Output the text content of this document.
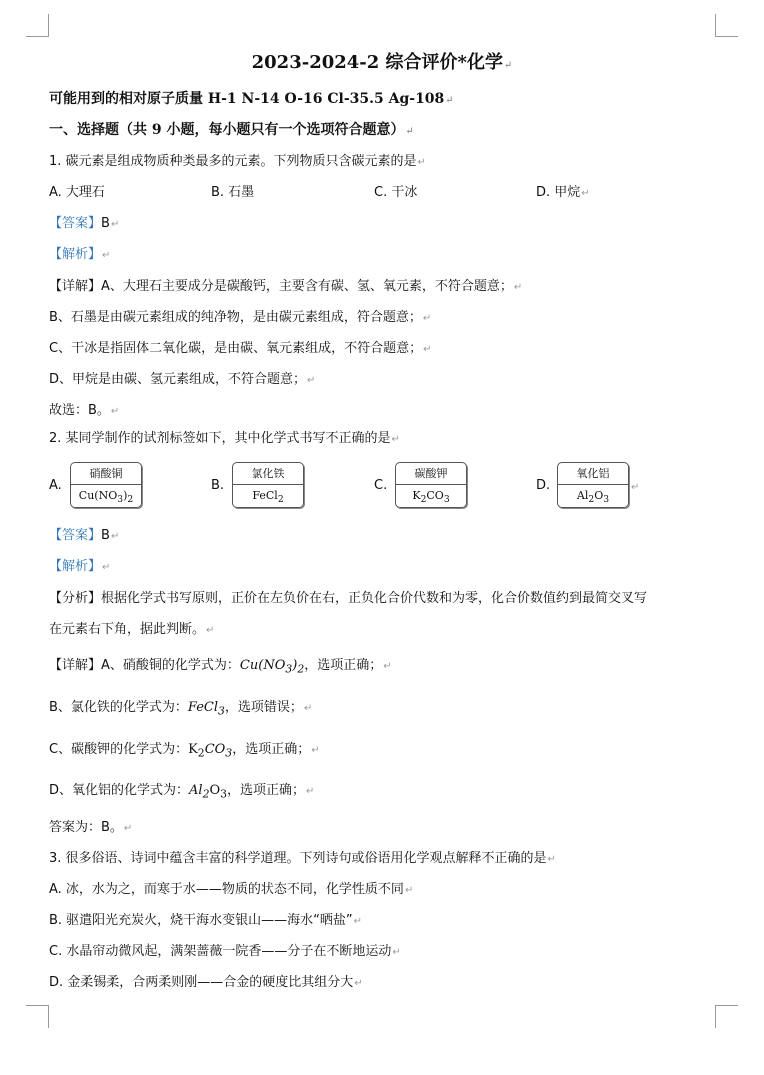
2023-2024-2 综合评价*化学↵
可能用到的相对原子质量 H-1 N-14 O-16 Cl-35.5 Ag-108↵
一、选择题（共 9 小题，每小题只有一个选项符合题意）↵
1. 碳元素是组成物质种类最多的元素。下列物质只含碳元素的是↵
A. 大理石	B. 石墨	C. 干冰	D. 甲烷↵
【答案】B↵
【解析】↵
【详解】A、大理石主要成分是碳酸钙，主要含有碳、氢、氧元素，不符合题意；↵
B、石墨是由碳元素组成的纯净物，是由碳元素组成，符合题意；↵
C、干冰是指固体二氧化碳，是由碳、氧元素组成，不符合题意；↵
D、甲烷是由碳、氢元素组成，不符合题意；↵
故选：B。↵
2. 某同学制作的试剂标签如下，其中化学式书写不正确的是↵
A.
硝酸铜
$Cu(NO_3)_2$
B.
氯化铁
FeCl$_2$
C.
碳酸钾
$K_2CO_3$
D.
氧化铝
$Al_2O_3$
↵
【答案】B↵
【解析】↵
【分析】根据化学式书写原则，正价在左负价在右，正负化合价代数和为零，化合价数值约到最简交叉写
在元素右下角，据此判断。↵
【详解】A、硝酸铜的化学式为：$Cu(NO_3)_2$，选项正确；↵
B、氯化铁的化学式为：FeCl$_3$，选项错误；↵
C、碳酸钾的化学式为：$K_2CO_3$，选项正确；↵
D、氧化铝的化学式为：$Al_2O_3$，选项正确；↵
答案为：B。↵
3. 很多俗语、诗词中蕴含丰富的科学道理。下列诗句或俗语用化学观点解释不正确的是↵
A. 冰，水为之，而寒于水——物质的状态不同，化学性质不同↵
B. 驱遣阳光充炭火，烧干海水变银山——海水“晒盐”↵
C. 水晶帘动微风起，满架蔷薇一院香——分子在不断地运动↵
D. 金柔锡柔，合两柔则刚——合金的硬度比其组分大↵
